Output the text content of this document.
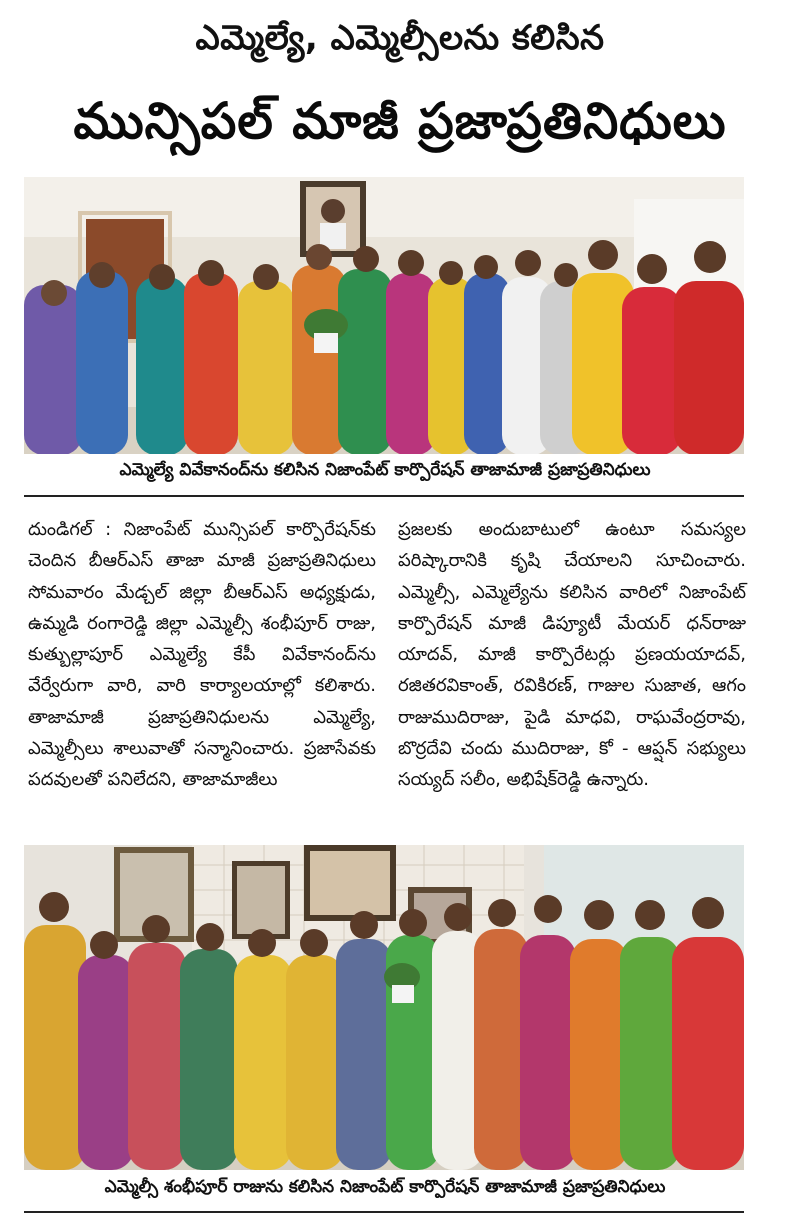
ఎమ్మెల్యే, ఎమ్మెల్సీలను కలిసిన
మున్సిపల్ మాజీ ప్రజాప్రతినిధులు
ఎమ్మెల్యే వివేకానంద్‌ను కలిసిన నిజాంపేట్ కార్పొరేషన్ తాజామాజీ ప్రజాప్రతినిధులు

దుండిగల్ : నిజాంపేట్ మున్సిపల్ కార్పొరేషన్‌కు చెందిన బీఆర్ఎస్ తాజా మాజీ ప్రజాప్రతినిధులు సోమవారం మేడ్చల్ జిల్లా బీఆర్ఎస్ అధ్యక్షుడు, ఉమ్మడి రంగారెడ్డి జిల్లా ఎమ్మెల్సీ శంభీపూర్ రాజు, కుత్బుల్లాపూర్ ఎమ్మెల్యే కేపీ వివేకానంద్‌ను వేర్వేరుగా వారి, వారి కార్యాలయాల్లో కలిశారు. తాజామాజీ ప్రజాప్రతినిధులను ఎమ్మెల్యే, ఎమ్మెల్సీలు శాలువాతో సన్మానించారు. ప్రజాసేవకు పదవులతో పనిలేదని, తాజామాజీలు

ప్రజలకు అందుబాటులో ఉంటూ సమస్యల పరిష్కారానికి కృషి చేయాలని సూచించారు. ఎమ్మెల్సీ, ఎమ్మెల్యేను కలిసిన వారిలో నిజాంపేట్ కార్పొరేషన్ మాజీ డిప్యూటీ మేయర్ ధన్‌రాజు యాదవ్, మాజీ కార్పొరేటర్లు ప్రణయయాదవ్, రజితరవికాంత్, రవికిరణ్, గాజుల సుజాత, ఆగం రాజుముదిరాజు, పైడి మాధవి, రాఘవేంద్రరావు, బొర్రదేవి చందు ముదిరాజు, కో - ఆప్షన్ సభ్యులు సయ్యద్ సలీం, అభిషేక్‌రెడ్డి ఉన్నారు.

ఎమ్మెల్సీ శంభీపూర్ రాజును కలిసిన నిజాంపేట్ కార్పొరేషన్ తాజామాజీ ప్రజాప్రతినిధులు
